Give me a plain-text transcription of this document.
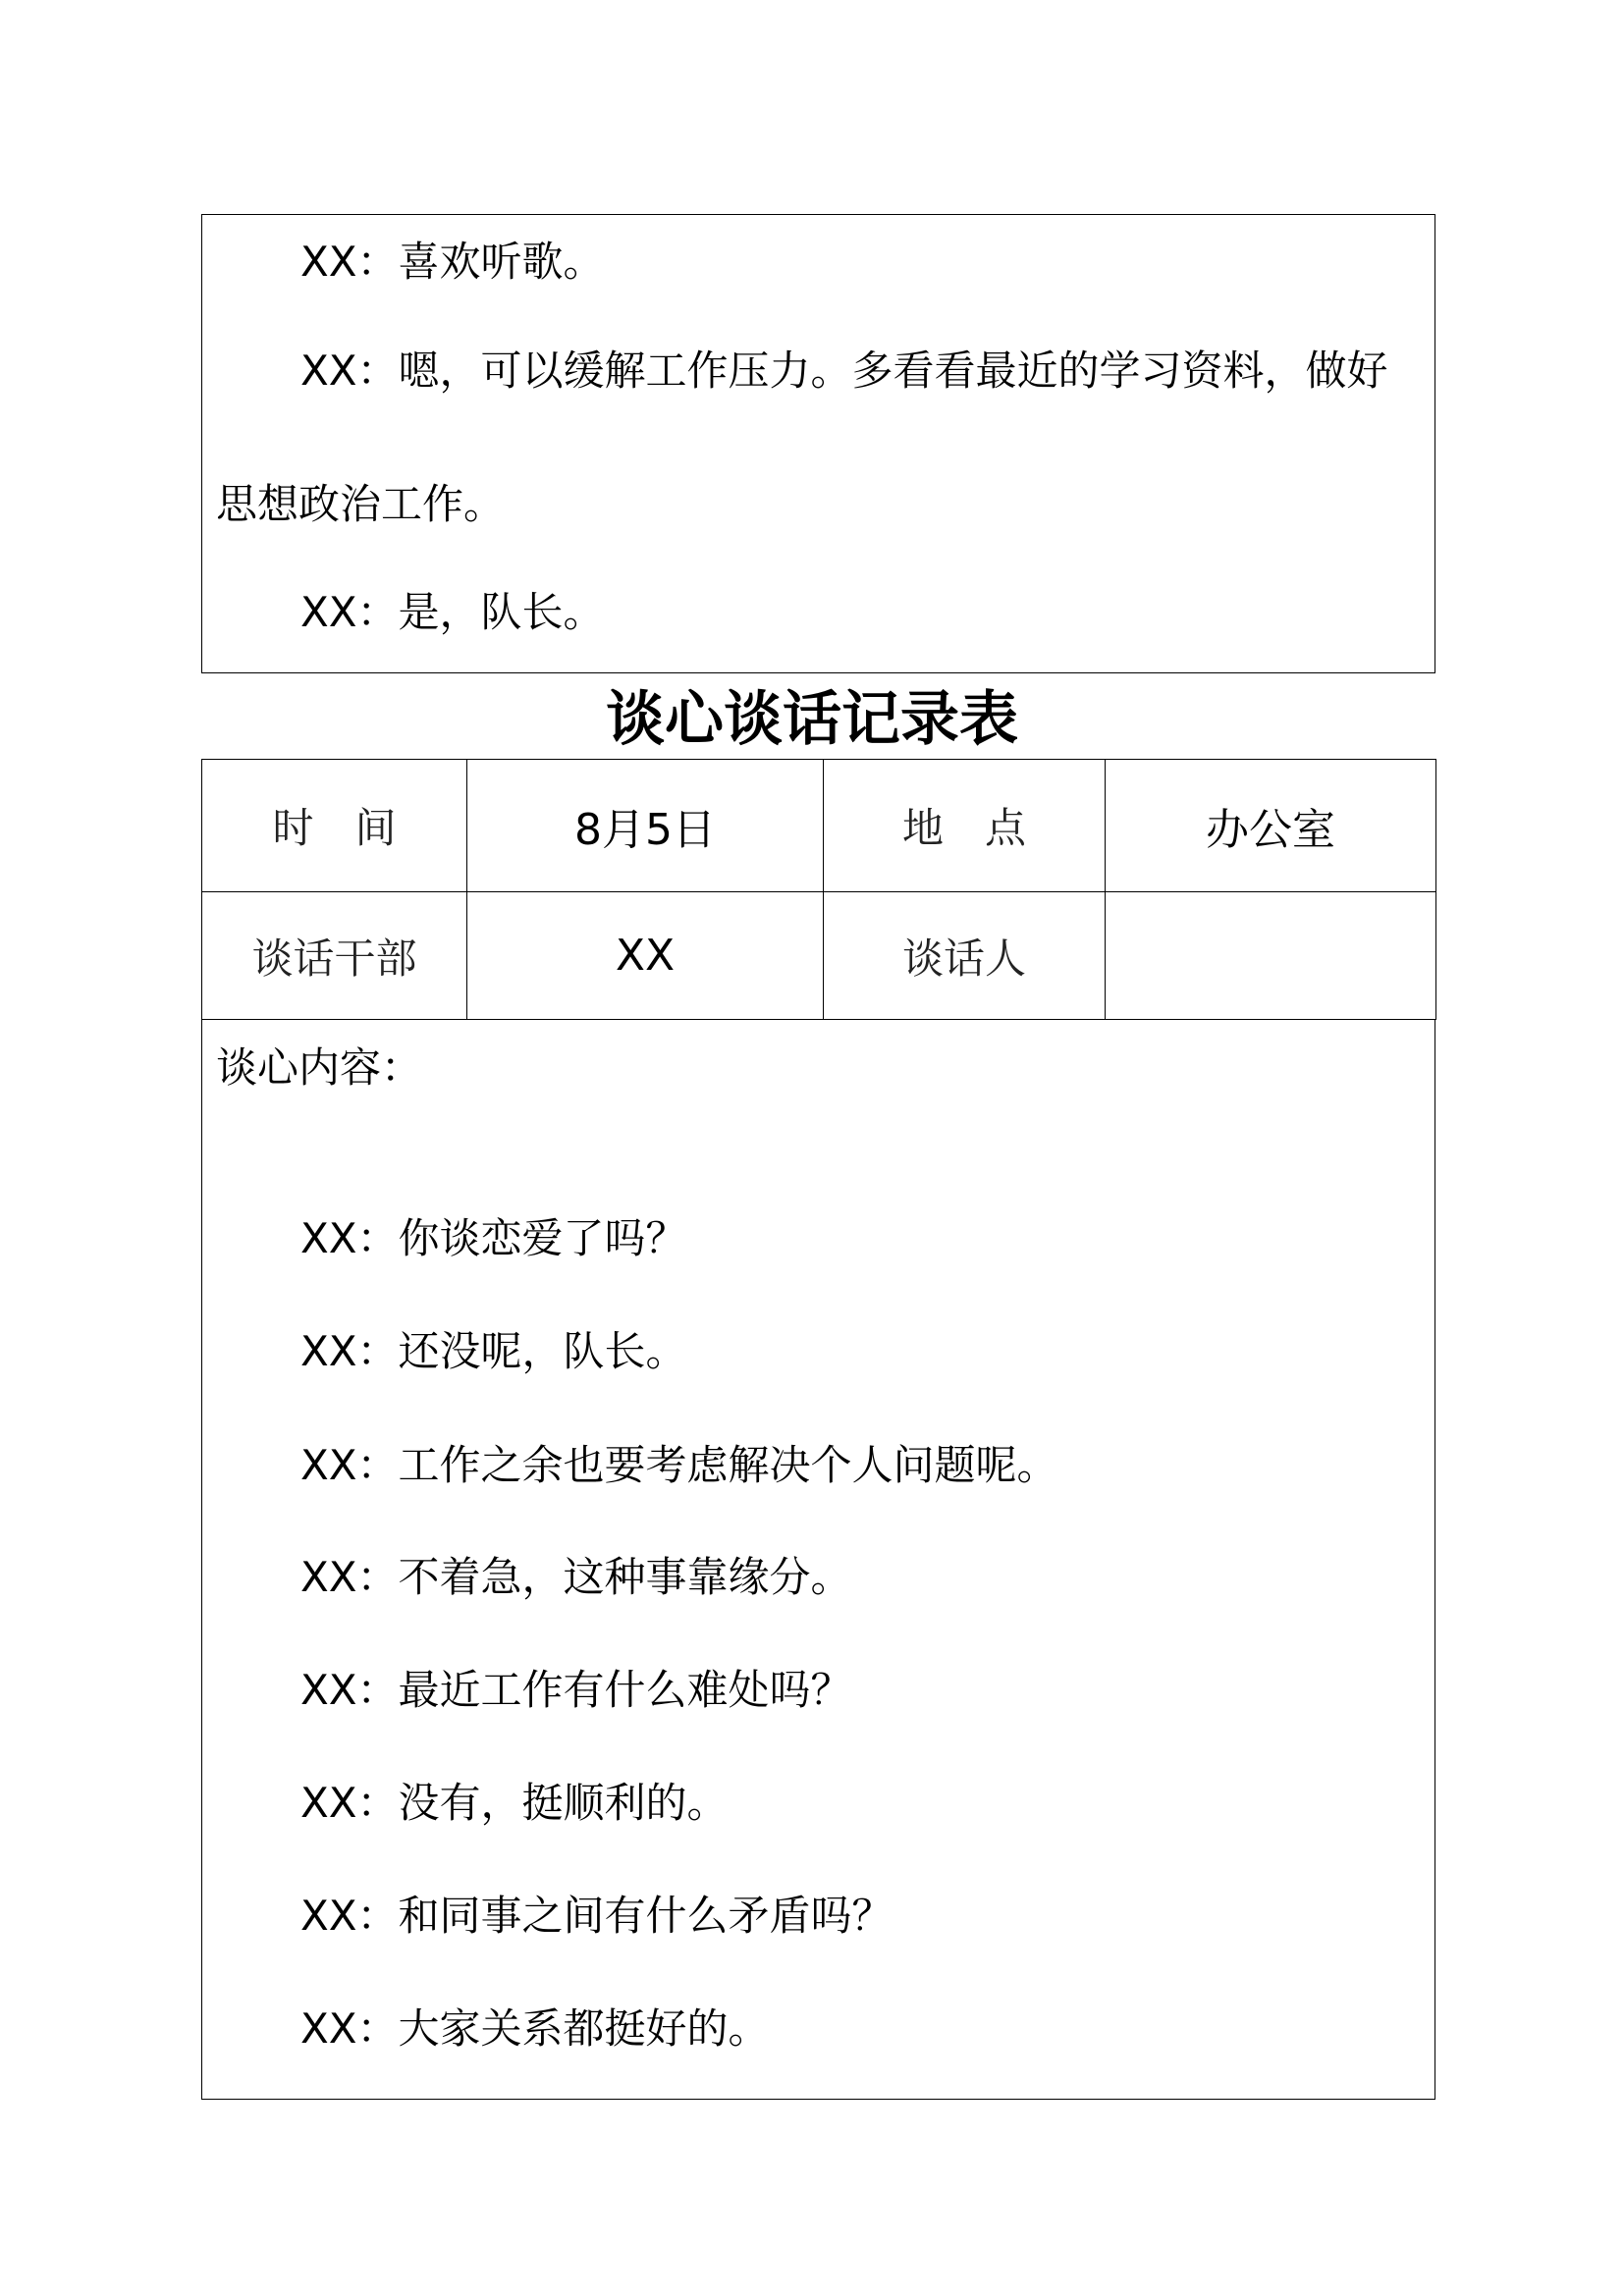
XX：喜欢听歌。
XX：嗯，可以缓解工作压力。多看看最近的学习资料，做好
思想政治工作。
XX：是，队长。
谈心谈话记录表
时　间	8月5日	地　点	办公室
谈话干部	XX	谈话人	
谈心内容：
XX：你谈恋爱了吗？
XX：还没呢，队长。
XX：工作之余也要考虑解决个人问题呢。
XX：不着急，这种事靠缘分。
XX：最近工作有什么难处吗？
XX：没有，挺顺利的。
XX：和同事之间有什么矛盾吗？
XX：大家关系都挺好的。
